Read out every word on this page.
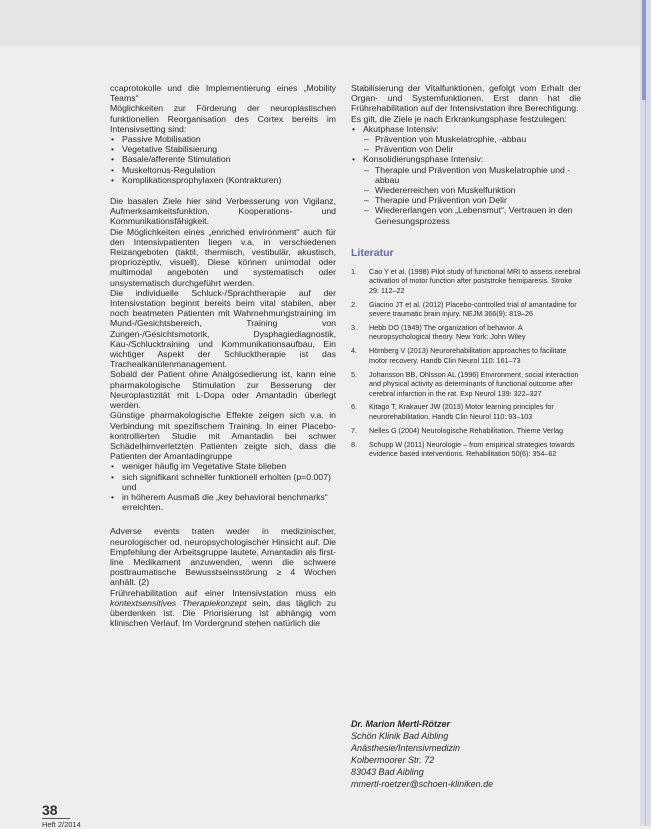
ccaprotokolle und die Implementierung eines „Mobility Teams“

Möglichkeiten zur Förderung der neuroplastischen funktionellen Reorganisation des Cortex bereits im Intensivsetting sind:

• Passive Mobilisation
• Vegetative Stabilisierung
• Basale/afferente Stimulation
• Muskeltonus-Regulation
• Komplikationsprophylaxen (Kontrakturen)

Die basalen Ziele hier sind Verbesserung von Vigilanz, Aufmerksamkeitsfunktion, Kooperations- und Kommunikationsfähigkeit.

Die Möglichkeiten eines „enriched environment“ auch für den Intensivpatienten liegen v.a. in verschiedenen Reizangeboten (taktil, thermisch, vestibulär, akustisch, propriozeptiv, visuell). Diese können unimodal oder multimodal angeboten und systematisch oder unsystematisch durchgeführt werden.

Die individuelle Schluck-/Sprachtherapie auf der Intensivstation beginnt bereits beim vital stabilen, aber noch beatmeten Patienten mit Wahrnehmungstraining im Mund-/Gesichtsbereich, Training von Zungen-/Gesichtsmotorik, Dysphagiediagnostik, Kau-/Schlucktraining und Kommunikationsaufbau. Ein wichtiger Aspekt der Schlucktherapie ist das Trachealkanülenmanagement.

Sobald der Patient ohne Analgosedierung ist, kann eine pharmakologische Stimulation zur Besserung der Neuroplastizität mit L-Dopa oder Amantadin überlegt werden.

Günstige pharmakologische Effekte zeigen sich v.a. in Verbindung mit spezifischem Training. In einer Placebo-kontrollierten Studie mit Amantadin bei schwer Schädelhirnverletzten Patienten zeigte sich, dass die Patienten der Amantadingruppe

• weniger häufig im Vegetative State blieben
• sich signifikant schneller funktionell erholten (p=0.007) und
• in höherem Ausmaß die „key behavioral benchmarks“ erreichten.

Adverse events traten weder in medizinischer, neurologischer od. neuropsychologischer Hinsicht auf. Die Empfehlung der Arbeitsgruppe lautete, Amantadin als first-line Medikament anzuwenden, wenn die schwere posttraumatische Bewusstseinsstörung ≥ 4 Wochen anhält. (2)

Frührehabilitation auf einer Intensivstation muss ein kontextsensitives Therapiekonzept sein, das täglich zu überdenken ist. Die Priorisierung ist abhängig vom klinischen Verlauf. Im Vordergrund stehen natürlich die

Stabilisierung der Vitalfunktionen, gefolgt vom Erhalt der Organ- und Systemfunktionen. Erst dann hat die Frührehabilitation auf der Intensivstation ihre Berechtigung.

Es gilt, die Ziele je nach Erkrankungsphase festzulegen:

• Akutphase Intensiv:
– Prävention von Muskelatrophie, -abbau
– Prävention von Delir
• Konsolidierungsphase Intensiv:
– Therapie und Prävention von Muskelatrophie und -abbau
– Wiedererreichen von Muskelfunktion
– Therapie und Prävention von Delir
– Wiedererlangen von „Lebensmut“, Vertrauen in den Genesungsprozess
Literatur
1. Cao Y et al. (1998) Pilot study of functional MRI to assess cerebral activation of motor function after poststroke hemiparesis. Stroke 29: 112–22
2. Giacino JT et al. (2012) Placebo-controlled trial of amantadine for severe traumatic brain injury. NEJM 366(9): 819–26
3. Hebb DO (1949) The organization of behavior. A neuropsychological theory. New York: John Wiley
4. Hömberg V (2013) Neurorehabilitation approaches to facilitate motor recovery. Handb Clin Neurol 110: 161–73
5. Johansson BB, Ohlsson AL (1996) Environment, social interaction and physical activity as determinants of functional outcome after cerebral infarction in the rat. Exp Neurol 139: 322–327
6. Kitago T, Krakauer JW (2013) Motor learning principles for neurorehabilitation. Handb Clin Neurol 110: 93–103
7. Nelles G (2004) Neurologische Rehabilitation. Thieme Verlag
8. Schupp W (2011) Neurologie – from empirical strategies towards evidence based interventions. Rehabilitation 50(6): 354–62
Dr. Marion Mertl-Rötzer
Schön Klinik Bad Aibling
Anästhesie/Intensivmedizin
Kolbermoorer Str. 72
83043 Bad Aibling
mmertl-roetzer@schoen-kliniken.de
38
Heft 2/2014
